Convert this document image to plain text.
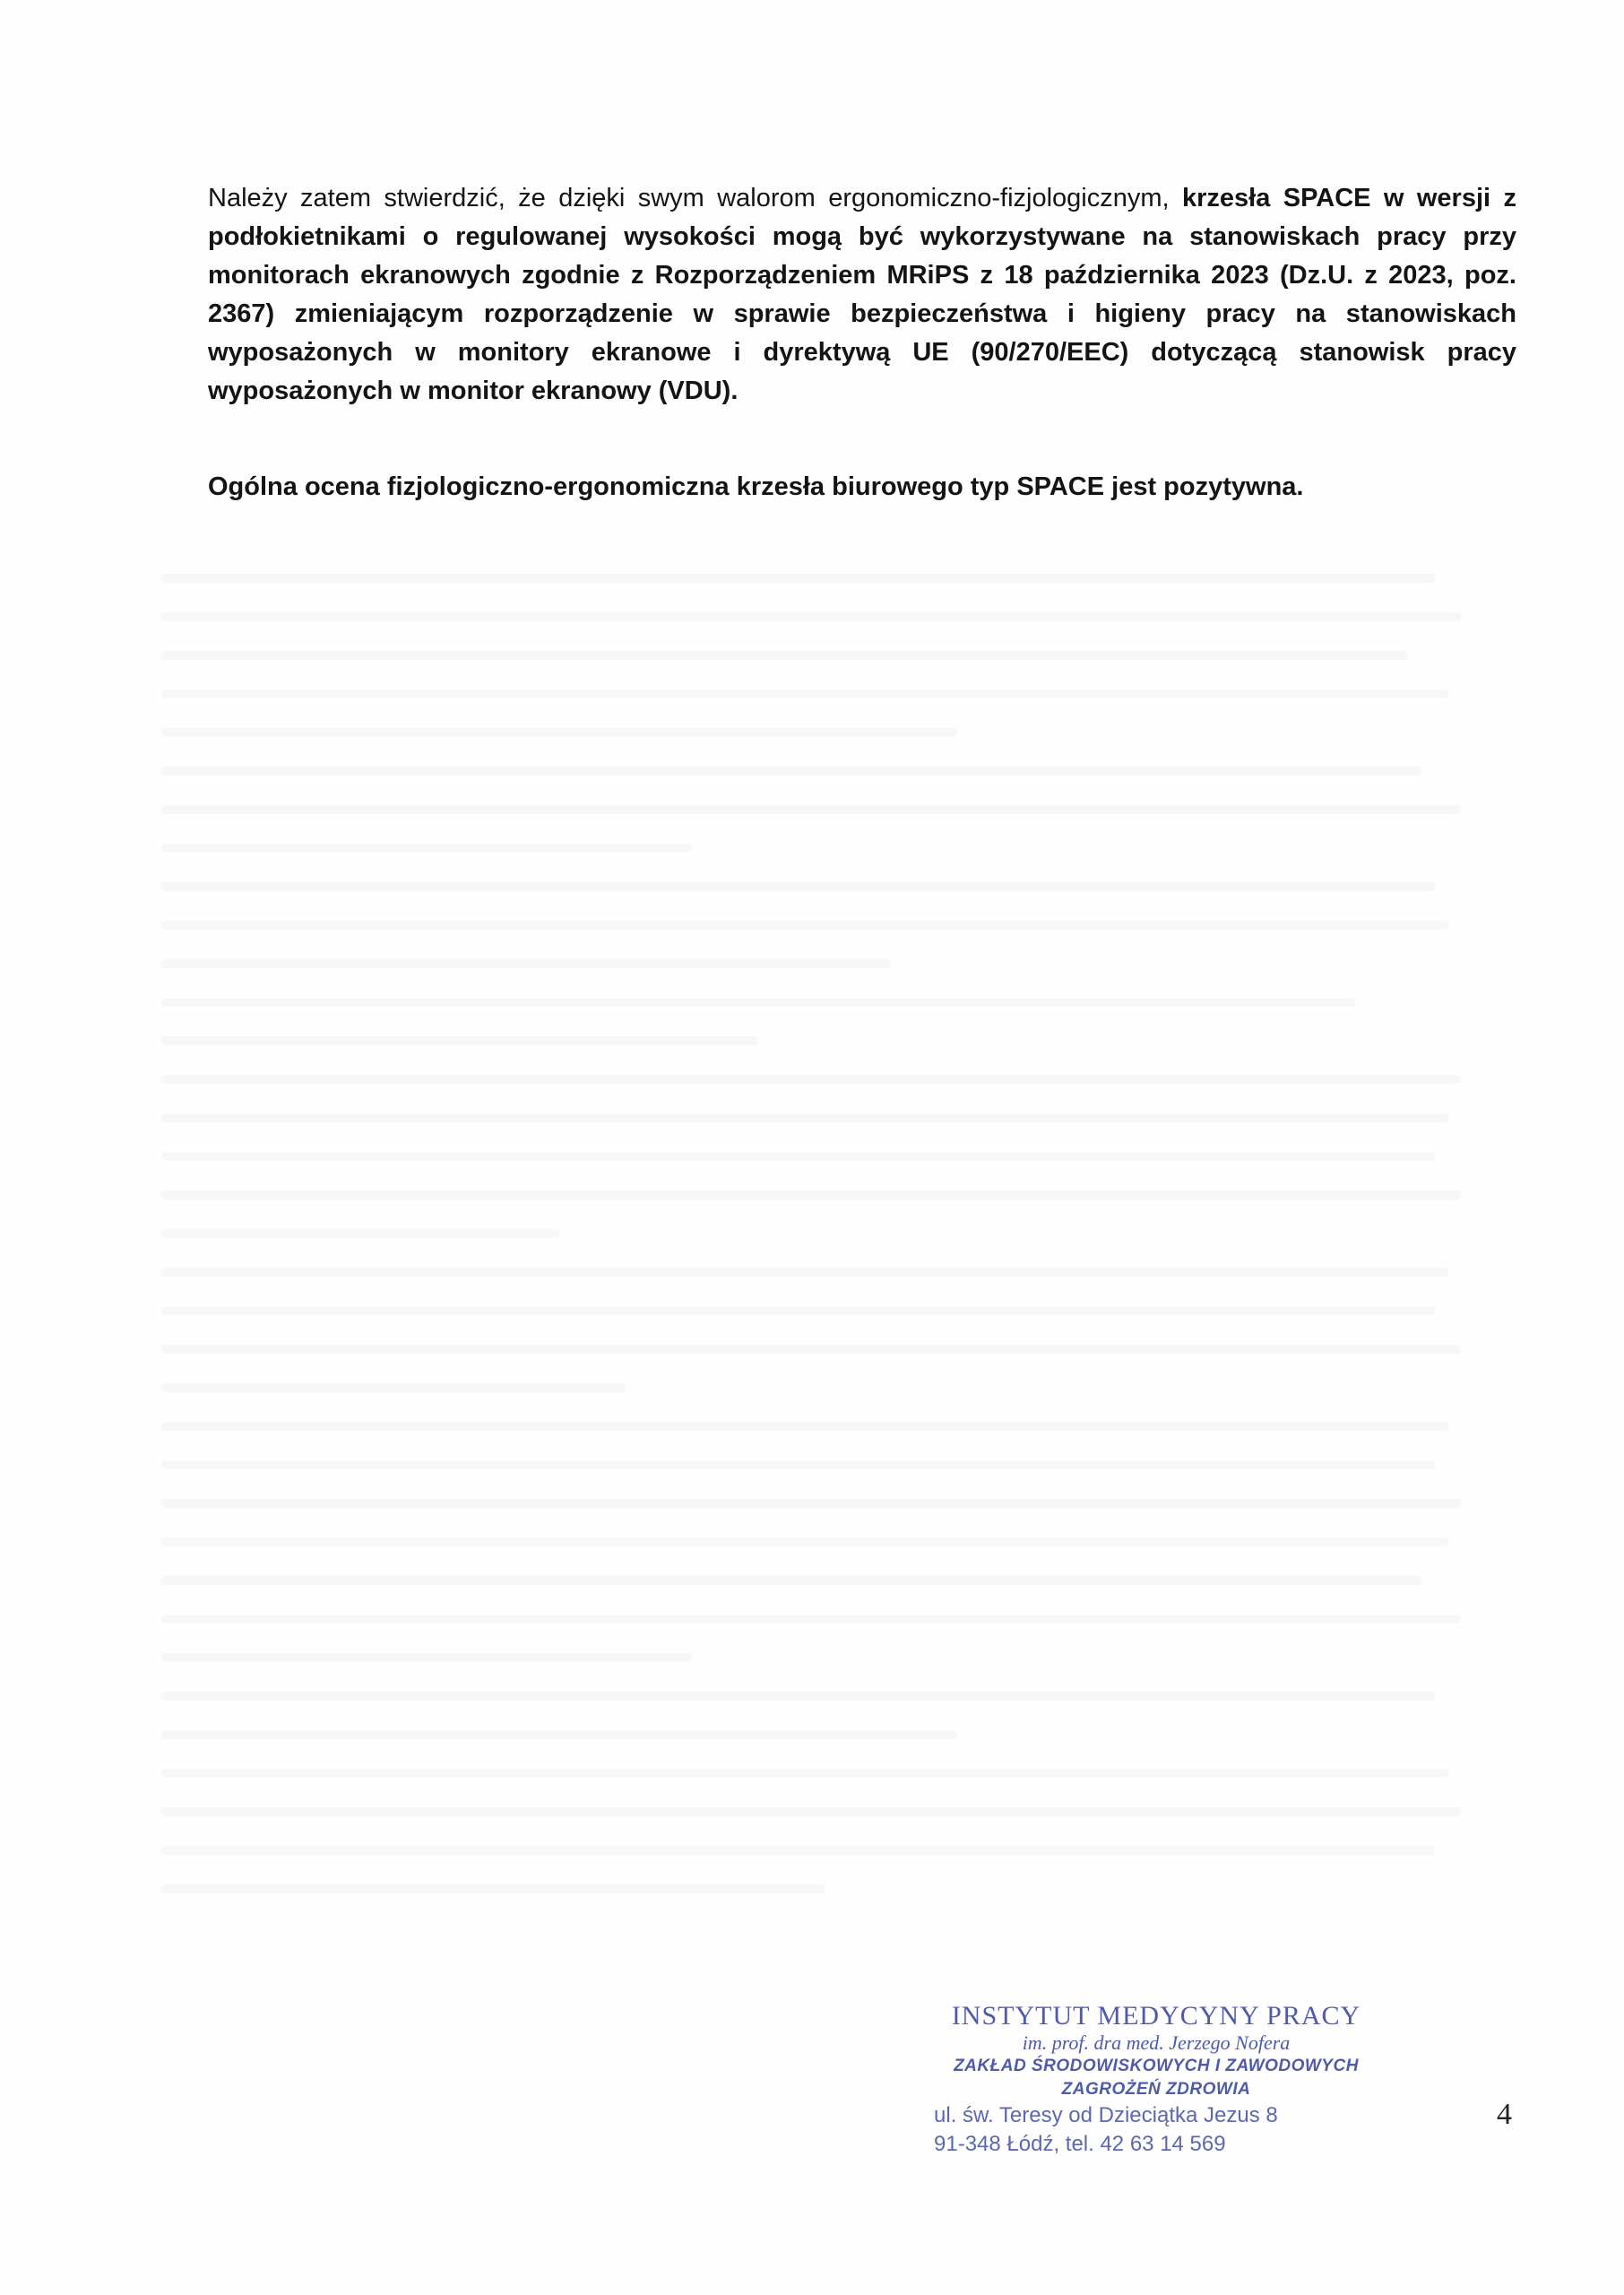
Należy zatem stwierdzić, że dzięki swym walorom ergonomiczno-fizjologicznym, krzesła SPACE w wersji z podłokietnikami o regulowanej wysokości mogą być wykorzystywane na stanowiskach pracy przy monitorach ekranowych zgodnie z Rozporządzeniem MRiPS z 18 października 2023 (Dz.U. z 2023, poz. 2367) zmieniającym rozporządzenie w sprawie bezpieczeństwa i higieny pracy na stanowiskach wyposażonych w monitory ekranowe i dyrektywą UE (90/270/EEC) dotyczącą stanowisk pracy wyposażonych w monitor ekranowy (VDU).

Ogólna ocena fizjologiczno-ergonomiczna krzesła biurowego typ SPACE jest pozytywna.
INSTYTUT MEDYCYNY PRACY
im. prof. dra med. Jerzego Nofera
ZAKŁAD ŚRODOWISKOWYCH I ZAWODOWYCH
ZAGROŻEŃ ZDROWIA
ul. św. Teresy od Dzieciątka Jezus 8
91-348 Łódź, tel. 42 63 14 569
4
